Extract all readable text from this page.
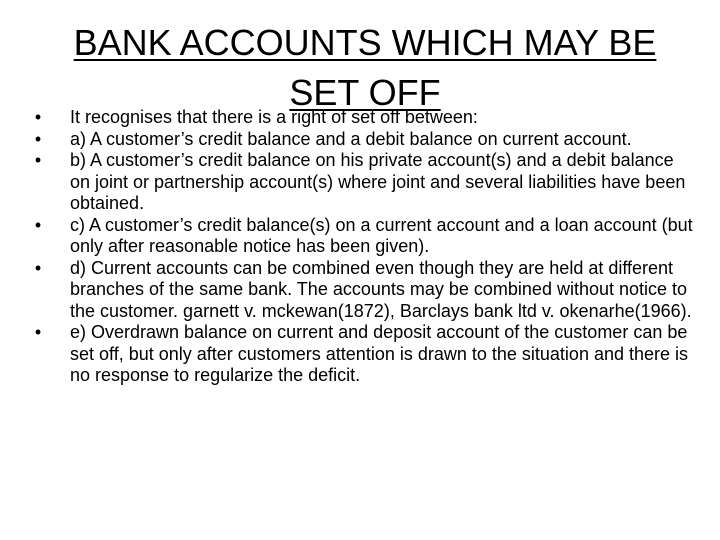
BANK ACCOUNTS WHICH MAY BE SET OFF
•	It recognises that there is a right of set off between:
•	a) A customer’s credit balance and a debit balance on current account.
•	b) A customer’s credit balance on his private account(s) and a debit balance on joint or partnership account(s) where joint and several liabilities have been obtained.
•	c) A customer’s credit balance(s) on a current account and a loan account (but only after reasonable notice has been given).
•	d) Current accounts can be combined even though they are held at different branches of the same bank. The accounts may be combined without notice to the customer. garnett v. mckewan(1872), Barclays bank ltd v. okenarhe(1966).
•	e) Overdrawn balance on current and deposit account of the customer can be set off, but only after customers attention is drawn to the situation and there is no response to regularize the deficit.
